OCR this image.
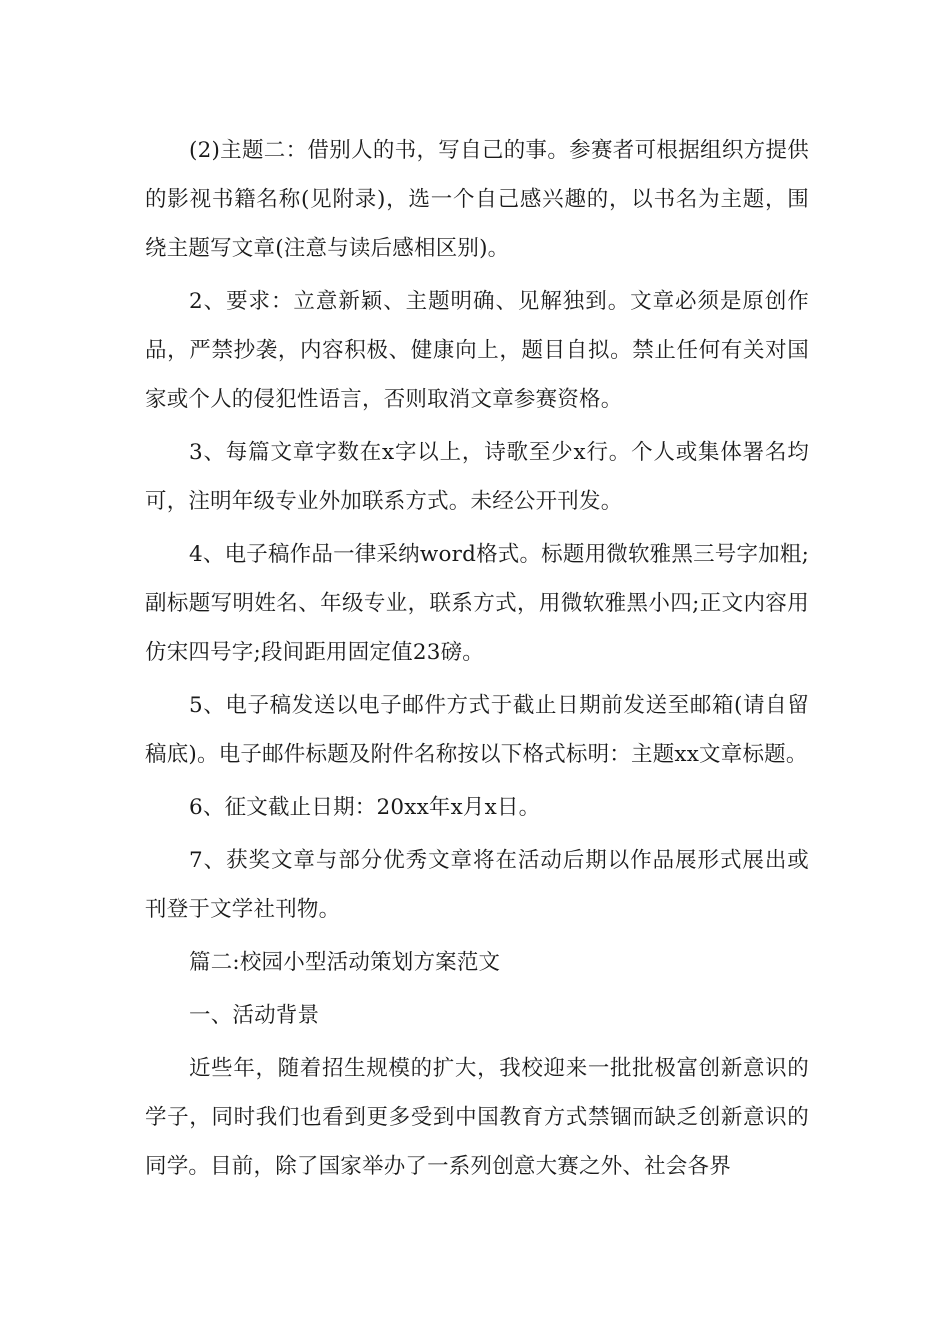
(2)主题二：借别人的书，写自己的事。参赛者可根据组织方提供的影视书籍名称(见附录)，选一个自己感兴趣的，以书名为主题，围绕主题写文章(注意与读后感相区别)。

2、要求：立意新颖、主题明确、见解独到。文章必须是原创作品，严禁抄袭，内容积极、健康向上，题目自拟。禁止任何有关对国家或个人的侵犯性语言，否则取消文章参赛资格。

3、每篇文章字数在x字以上，诗歌至少x行。个人或集体署名均可，注明年级专业外加联系方式。未经公开刊发。

4、电子稿作品一律采纳word格式。标题用微软雅黑三号字加粗;副标题写明姓名、年级专业，联系方式，用微软雅黑小四;正文内容用仿宋四号字;段间距用固定值23磅。

5、电子稿发送以电子邮件方式于截止日期前发送至邮箱(请自留稿底)。电子邮件标题及附件名称按以下格式标明：主题xx文章标题。

6、征文截止日期：20xx年x月x日。

7、获奖文章与部分优秀文章将在活动后期以作品展形式展出或刊登于文学社刊物。

篇二:校园小型活动策划方案范文

一、活动背景

近些年，随着招生规模的扩大，我校迎来一批批极富创新意识的学子，同时我们也看到更多受到中国教育方式禁锢而缺乏创新意识的同学。目前，除了国家举办了一系列创意大赛之外、社会各界
